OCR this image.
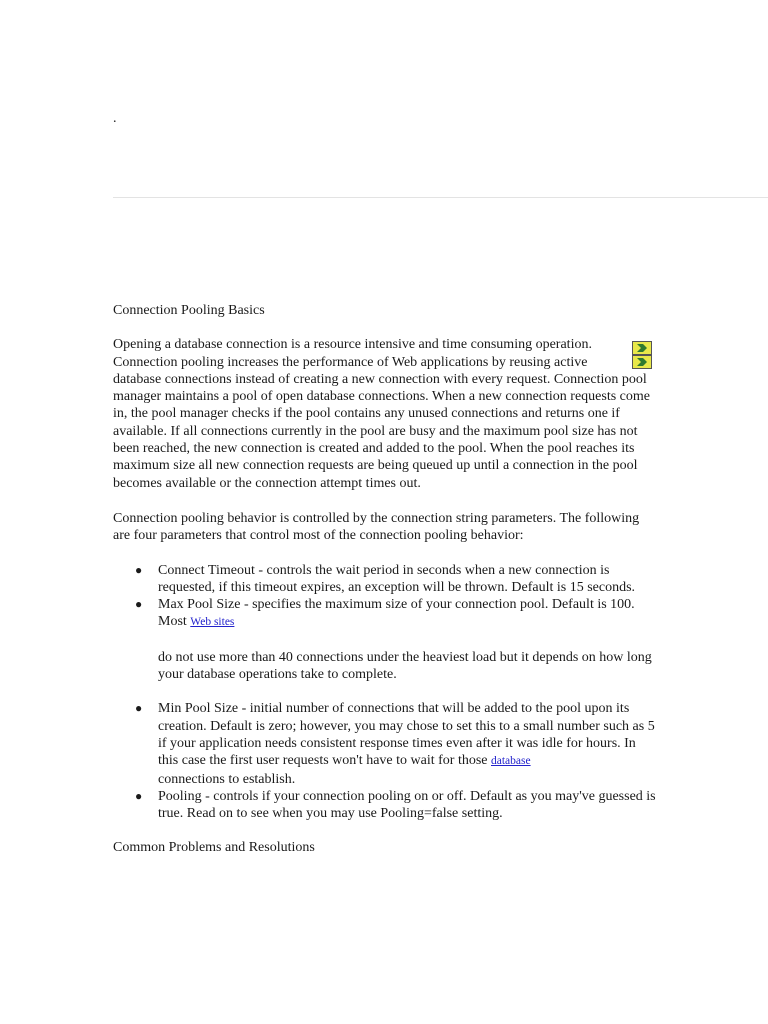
.

Connection Pooling Basics

Opening a database connection is a resource intensive and time consuming operation. Connection pooling increases the performance of Web applications by reusing active database connections instead of creating a new connection with every request. Connection pool manager maintains a pool of open database connections. When a new connection requests come in, the pool manager checks if the pool contains any unused connections and returns one if available. If all connections currently in the pool are busy and the maximum pool size has not been reached, the new connection is created and added to the pool. When the pool reaches its maximum size all new connection requests are being queued up until a connection in the pool becomes available or the connection attempt times out.

Connection pooling behavior is controlled by the connection string parameters. The following are four parameters that control most of the connection pooling behavior:

● Connect Timeout - controls the wait period in seconds when a new connection is requested, if this timeout expires, an exception will be thrown. Default is 15 seconds.
● Max Pool Size - specifies the maximum size of your connection pool. Default is 100. Most Web sites
do not use more than 40 connections under the heaviest load but it depends on how long your database operations take to complete.
● Min Pool Size - initial number of connections that will be added to the pool upon its creation. Default is zero; however, you may chose to set this to a small number such as 5 if your application needs consistent response times even after it was idle for hours. In this case the first user requests won't have to wait for those database
connections to establish.
● Pooling - controls if your connection pooling on or off. Default as you may've guessed is true. Read on to see when you may use Pooling=false setting.

Common Problems and Resolutions
